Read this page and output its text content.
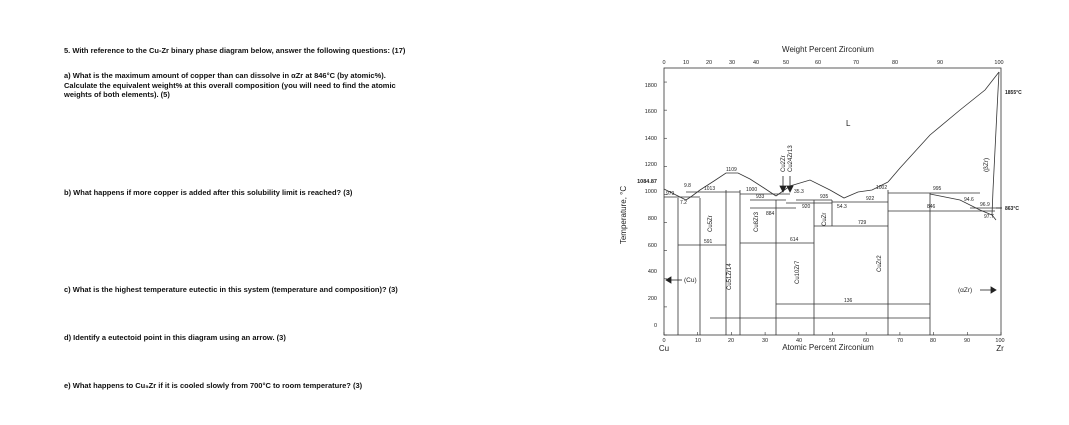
5. With reference to the Cu-Zr binary phase diagram below, answer the following questions: (17)
a) What is the maximum amount of copper than can dissolve in αZr at 846°C (by atomic%).
Calculate the equivalent weight% at this overall composition (you will need to find the atomic
weights of both elements). (5)
b) What happens if more copper is added after this solubility limit is reached? (3)
c) What is the highest temperature eutectic in this system (temperature and composition)? (3)
d) Identify a eutectoid point in this diagram using an arrow. (3)
e) What happens to Cu₅Zr if it is cooled slowly from 700°C to room temperature? (3)
Weight Percent Zirconium
Atomic Percent Zirconium
Temperature, °C
Cu	Zr
0
200
400
600
800
1000
1200
1400
1600
1800
1084.87
0	10	20	30	40	50	60	70	80	90	100
0	10	20	30	40	50	60	70	80	90	100
L
(Cu)
(αZr)
(βZr)
Cu5Zr
Cu51Zr14
Cu8Zr3
Cu10Zr7
CuZr
CuZr2
Cu2Zr Cu24Zr13
979
9.8
7.2
1013
1109
1000
933
35.3
884
614
591
935
920	54.3
922
729
136
1002	995
846
94.6
96.9
97.7
1855°C
863°C
